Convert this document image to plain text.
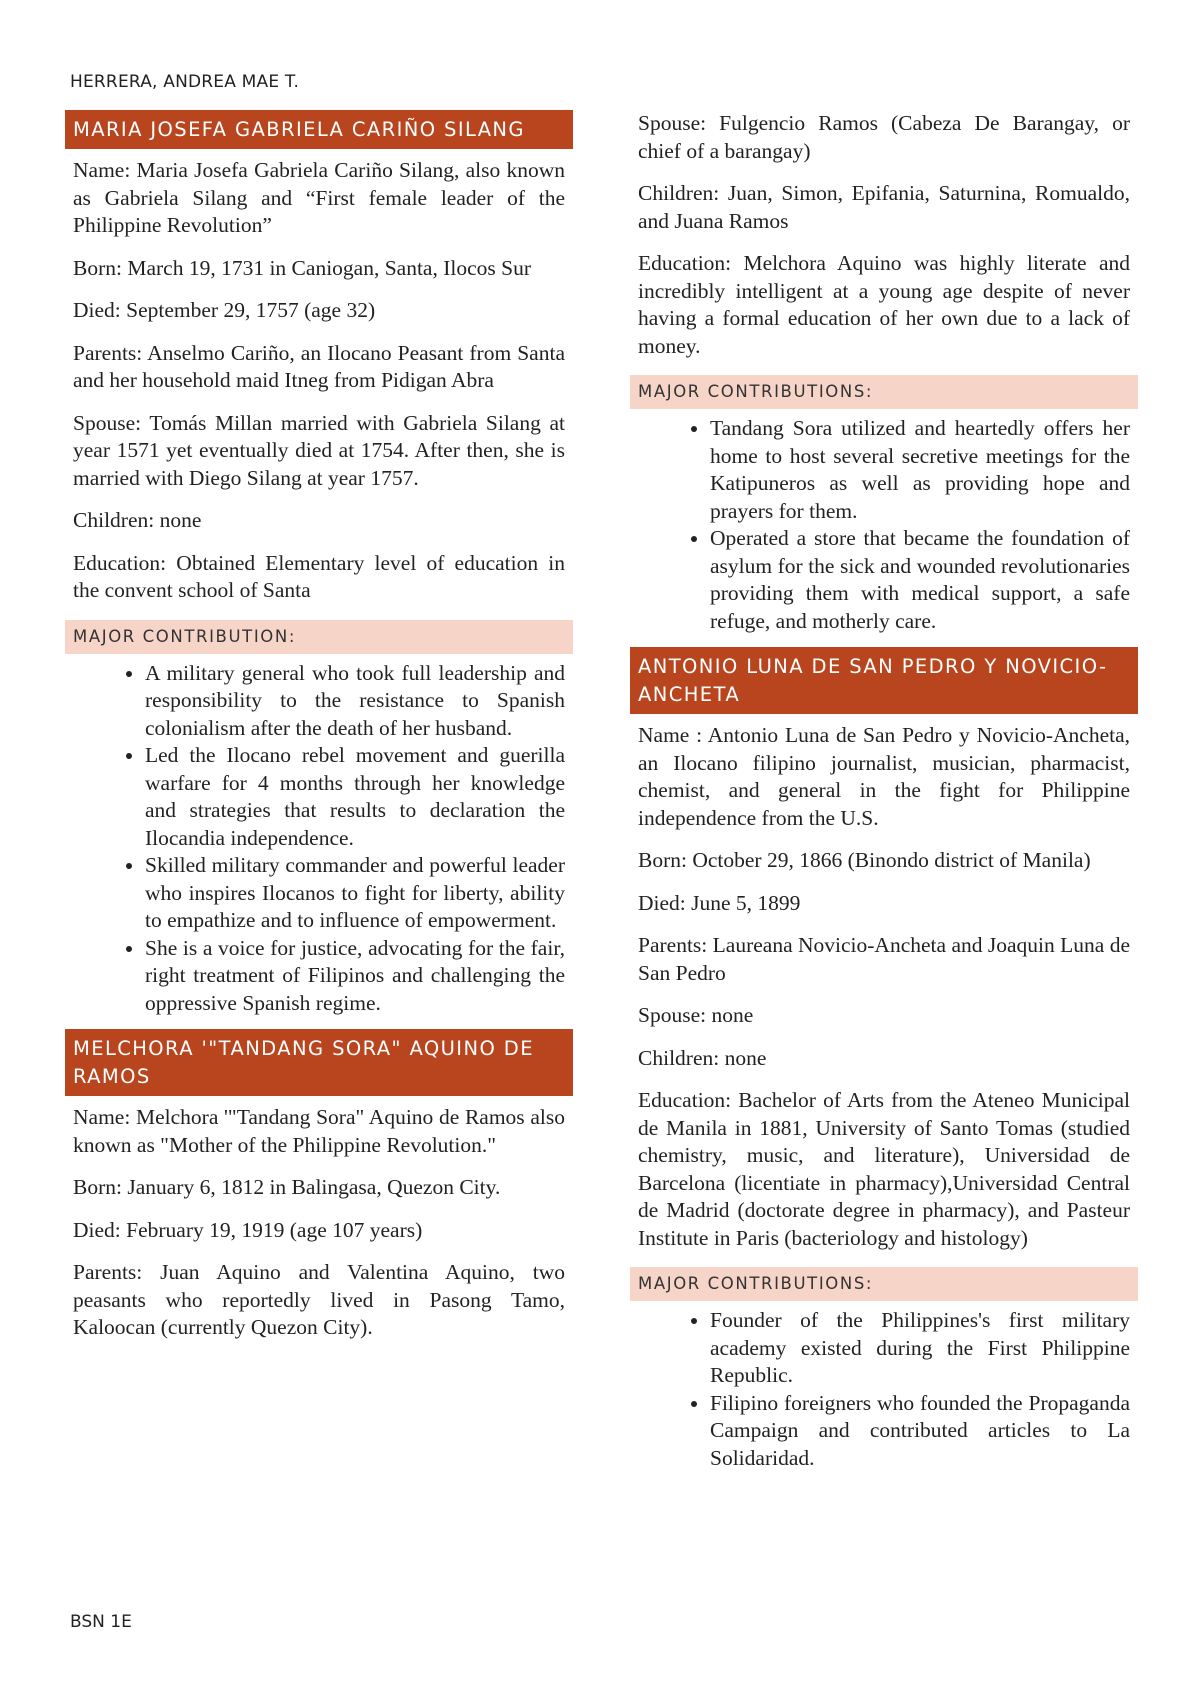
HERRERA, ANDREA MAE T.
MARIA JOSEFA GABRIELA CARIÑO SILANG

Name: Maria Josefa Gabriela Cariño Silang, also known as Gabriela Silang and “First female leader of the Philippine Revolution”

Born: March 19, 1731 in Caniogan, Santa, Ilocos Sur

Died: September 29, 1757 (age 32)

Parents: Anselmo Cariño, an Ilocano Peasant from Santa and her household maid Itneg from Pidigan Abra

Spouse: Tomás Millan married with Gabriela Silang at year 1571 yet eventually died at 1754. After then, she is married with Diego Silang at year 1757.

Children: none

Education: Obtained Elementary level of education in the convent school of Santa

MAJOR CONTRIBUTION:
• A military general who took full leadership and responsibility to the resistance to Spanish colonialism after the death of her husband.
• Led the Ilocano rebel movement and guerilla warfare for 4 months through her knowledge and strategies that results to declaration the Ilocandia independence.
• Skilled military commander and powerful leader who inspires Ilocanos to fight for liberty, ability to empathize and to influence of empowerment.
• She is a voice for justice, advocating for the fair, right treatment of Filipinos and challenging the oppressive Spanish regime.
MELCHORA '"TANDANG SORA" AQUINO DE RAMOS

Name: Melchora '"Tandang Sora" Aquino de Ramos also known as "Mother of the Philippine Revolution."

Born: January 6, 1812 in Balingasa, Quezon City.

Died: February 19, 1919 (age 107 years)

Parents: Juan Aquino and Valentina Aquino, two peasants who reportedly lived in Pasong Tamo, Kaloocan (currently Quezon City).

Spouse: Fulgencio Ramos (Cabeza De Barangay, or chief of a barangay)

Children: Juan, Simon, Epifania, Saturnina, Romualdo, and Juana Ramos

Education: Melchora Aquino was highly literate and incredibly intelligent at a young age despite of never having a formal education of her own due to a lack of money.

MAJOR CONTRIBUTIONS:
• Tandang Sora utilized and heartedly offers her home to host several secretive meetings for the Katipuneros as well as providing hope and prayers for them.
• Operated a store that became the foundation of asylum for the sick and wounded revolutionaries providing them with medical support, a safe refuge, and motherly care.
ANTONIO LUNA DE SAN PEDRO Y NOVICIO-ANCHETA

Name : Antonio Luna de San Pedro y Novicio-Ancheta, an Ilocano filipino journalist, musician, pharmacist, chemist, and general in the fight for Philippine independence from the U.S.

Born: October 29, 1866 (Binondo district of Manila)

Died: June 5, 1899

Parents: Laureana Novicio-Ancheta and Joaquin Luna de San Pedro

Spouse: none

Children: none

Education: Bachelor of Arts from the Ateneo Municipal de Manila in 1881, University of Santo Tomas (studied chemistry, music, and literature), Universidad de Barcelona (licentiate in pharmacy),Universidad Central de Madrid (doctorate degree in pharmacy), and Pasteur Institute in Paris (bacteriology and histology)

MAJOR CONTRIBUTIONS:
• Founder of the Philippines's first military academy existed during the First Philippine Republic.
• Filipino foreigners who founded the Propaganda Campaign and contributed articles to La Solidaridad.
BSN 1E
